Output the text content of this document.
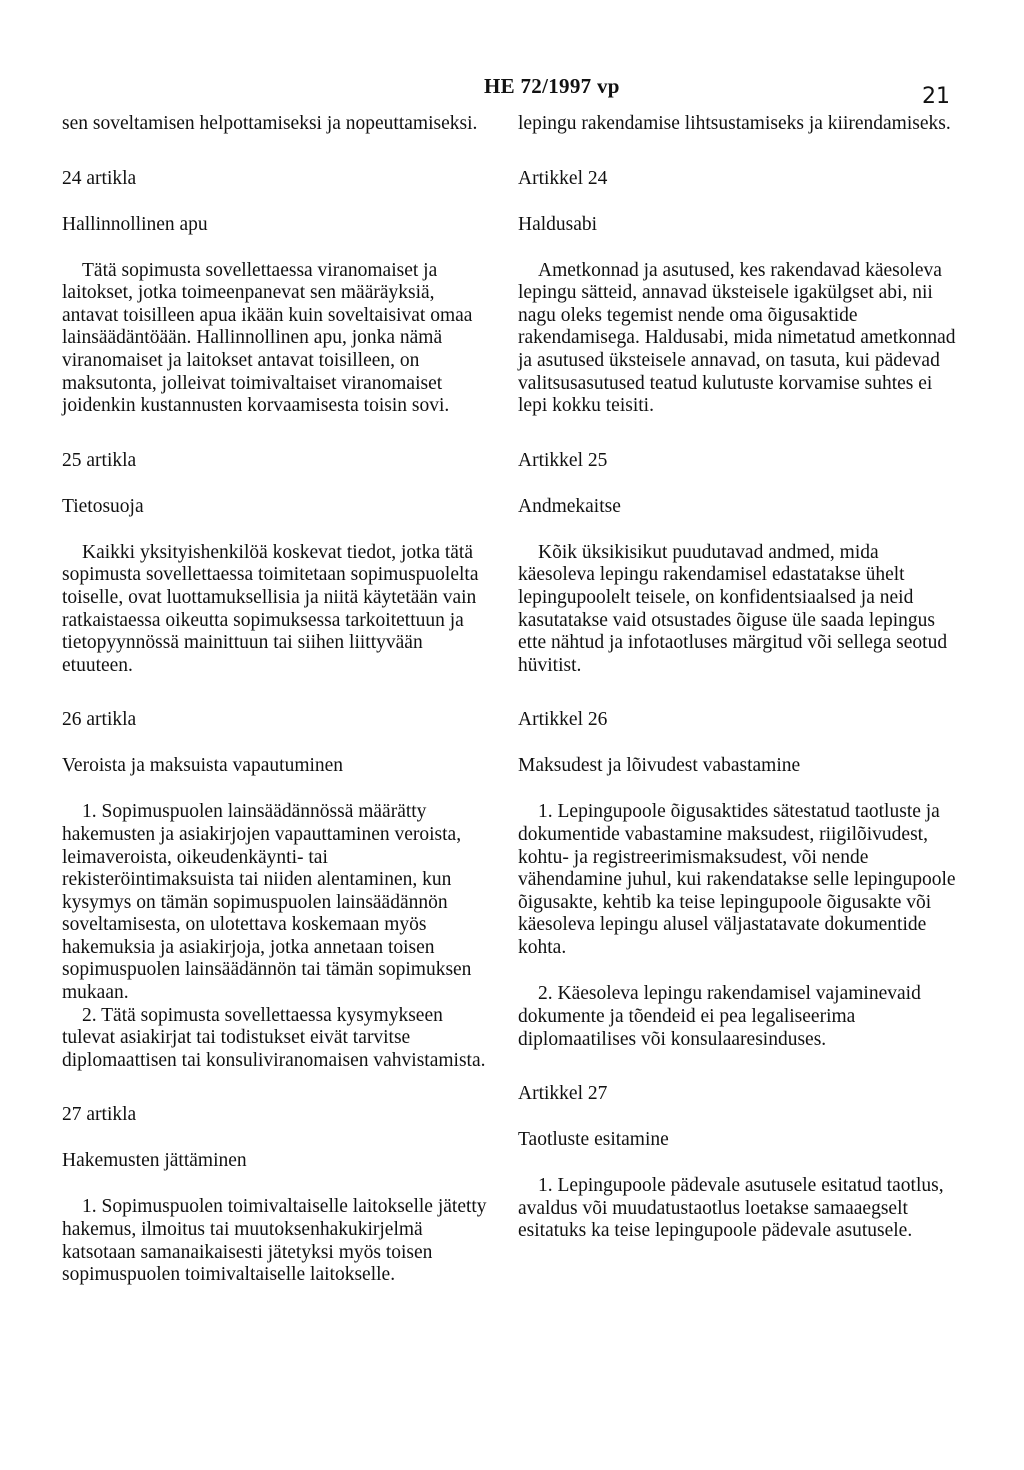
HE 72/1997 vp	21

sen soveltamisen helpottamiseksi ja nopeuttamiseksi.

24 artikla

Hallinnollinen apu

Tätä sopimusta sovellettaessa viranomaiset ja laitokset, jotka toimeenpanevat sen määräyksiä, antavat toisilleen apua ikään kuin soveltaisivat omaa lainsäädäntöään. Hallinnollinen apu, jonka nämä viranomaiset ja laitokset antavat toisilleen, on maksutonta, jolleivat toimivaltaiset viranomaiset joidenkin kustannusten korvaamisesta toisin sovi.

25 artikla

Tietosuoja

Kaikki yksityishenkilöä koskevat tiedot, jotka tätä sopimusta sovellettaessa toimitetaan sopimuspuolelta toiselle, ovat luottamuksellisia ja niitä käytetään vain ratkaistaessa oikeutta sopimuksessa tarkoitettuun ja tietopyynnössä mainittuun tai siihen liittyvään etuuteen.

26 artikla

Veroista ja maksuista vapautuminen

1. Sopimuspuolen lainsäädännössä määrätty hakemusten ja asiakirjojen vapauttaminen veroista, leimaveroista, oikeudenkäynti- tai rekisteröintimaksuista tai niiden alentaminen, kun kysymys on tämän sopimuspuolen lainsäädännön soveltamisesta, on ulotettava koskemaan myös hakemuksia ja asiakirjoja, jotka annetaan toisen sopimuspuolen lainsäädännön tai tämän sopimuksen mukaan.

2. Tätä sopimusta sovellettaessa kysymykseen tulevat asiakirjat tai todistukset eivät tarvitse diplomaattisen tai konsuliviranomaisen vahvistamista.

27 artikla

Hakemusten jättäminen

1. Sopimuspuolen toimivaltaiselle laitokselle jätetty hakemus, ilmoitus tai muutoksenhakukirjelmä katsotaan samanaikaisesti jätetyksi myös toisen sopimuspuolen toimivaltaiselle laitokselle.

lepingu rakendamise lihtsustamiseks ja kiirendamiseks.

Artikkel 24

Haldusabi

Ametkonnad ja asutused, kes rakendavad käesoleva lepingu sätteid, annavad üksteisele igakülgset abi, nii nagu oleks tegemist nende oma õigusaktide rakendamisega. Haldusabi, mida nimetatud ametkonnad ja asutused üksteisele annavad, on tasuta, kui pädevad valitsusasutused teatud kulutuste korvamise suhtes ei lepi kokku teisiti.

Artikkel 25

Andmekaitse

Kõik üksikisikut puudutavad andmed, mida käesoleva lepingu rakendamisel edastatakse ühelt lepingupoolelt teisele, on konfidentsiaalsed ja neid kasutatakse vaid otsustades õiguse üle saada lepingus ette nähtud ja infotaotluses märgitud või sellega seotud hüvitist.

Artikkel 26

Maksudest ja lõivudest vabastamine

1. Lepingupoole õigusaktides sätestatud taotluste ja dokumentide vabastamine maksudest, riigilõivudest, kohtu- ja registreerimismaksudest, või nende vähendamine juhul, kui rakendatakse selle lepingupoole õigusakte, kehtib ka teise lepingupoole õigusakte või käesoleva lepingu alusel väljastatavate dokumentide kohta.

2. Käesoleva lepingu rakendamisel vajaminevaid dokumente ja tõendeid ei pea legaliseerima diplomaatilises või konsulaaresinduses.

Artikkel 27

Taotluste esitamine

1. Lepingupoole pädevale asutusele esitatud taotlus, avaldus või muudatustaotlus loetakse samaaegselt esitatuks ka teise lepingupoole pädevale asutusele.
